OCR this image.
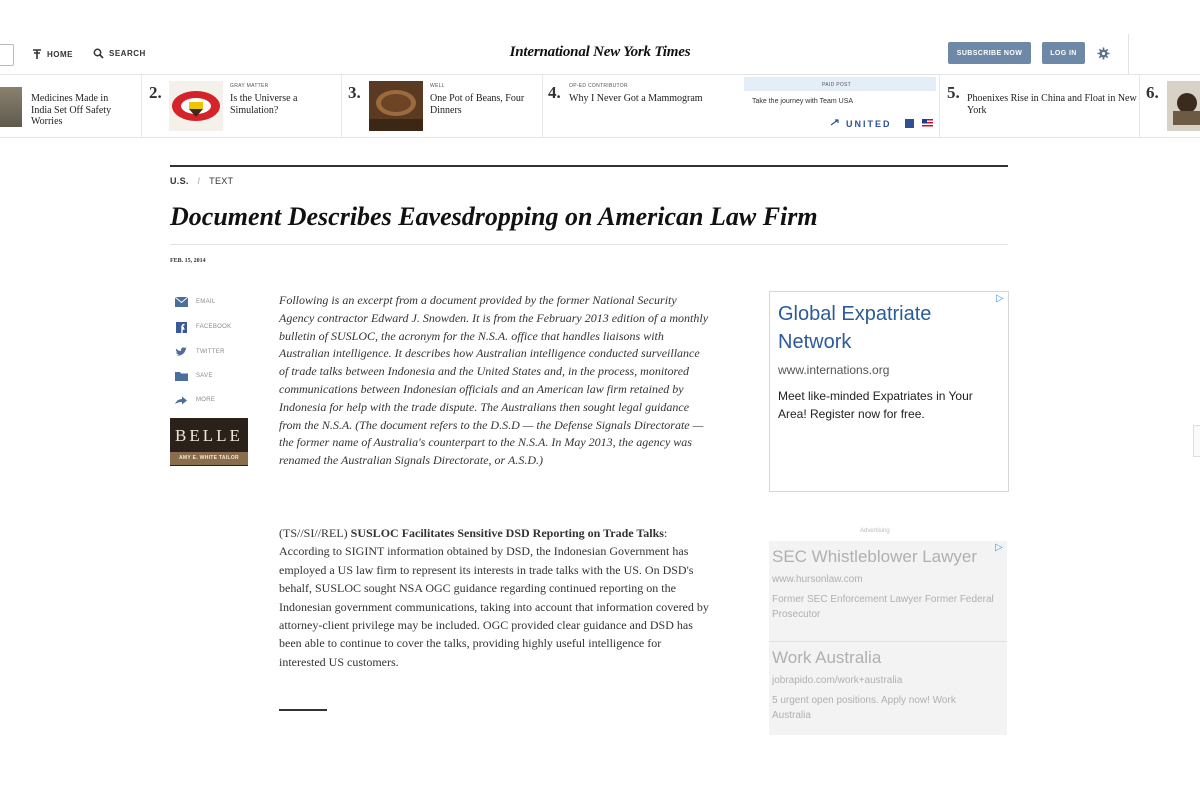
HOME	SEARCH	International New York Times	SUBSCRIBE NOW	LOG IN
Medicines Made in India Set Off Safety Worries
2.	GRAY MATTER
Is the Universe a Simulation?
3.	WELL
One Pot of Beans, Four Dinners
4. OP-ED CONTRIBUTOR
Why I Never Got a Mammogram
PAID POST
Take the journey with Team USA
UNITED
5. Phoenixes Rise in China and Float in New York
6.
U.S. / TEXT
Document Describes Eavesdropping on American Law Firm
FEB. 15, 2014
EMAIL
FACEBOOK
TWITTER
SAVE
MORE
BELLE
AMY E. WHITE TAILOR
Following is an excerpt from a document provided by the former National Security Agency contractor Edward J. Snowden. It is from the February 2013 edition of a monthly bulletin of SUSLOC, the acronym for the N.S.A. office that handles liaisons with Australian intelligence. It describes how Australian intelligence conducted surveillance of trade talks between Indonesia and the United States and, in the process, monitored communications between Indonesian officials and an American law firm retained by Indonesia for help with the trade dispute. The Australians then sought legal guidance from the N.S.A. (The document refers to the D.S.D — the Defense Signals Directorate — the former name of Australia's counterpart to the N.S.A. In May 2013, the agency was renamed the Australian Signals Directorate, or A.S.D.)
(TS//SI//REL) SUSLOC Facilitates Sensitive DSD Reporting on Trade Talks: According to SIGINT information obtained by DSD, the Indonesian Government has employed a US law firm to represent its interests in trade talks with the US. On DSD's behalf, SUSLOC sought NSA OGC guidance regarding continued reporting on the Indonesian government communications, taking into account that information covered by attorney-client privilege may be included. OGC provided clear guidance and DSD has been able to continue to cover the talks, providing highly useful intelligence for interested US customers.
▷
Global Expatriate Network
www.internations.org
Meet like-minded Expatriates in Your Area! Register now for free.
Advertising
▷
SEC Whistleblower Lawyer
www.hursonlaw.com
Former SEC Enforcement Lawyer Former Federal Prosecutor
Work Australia
jobrapido.com/work+australia
5 urgent open positions. Apply now! Work Australia
